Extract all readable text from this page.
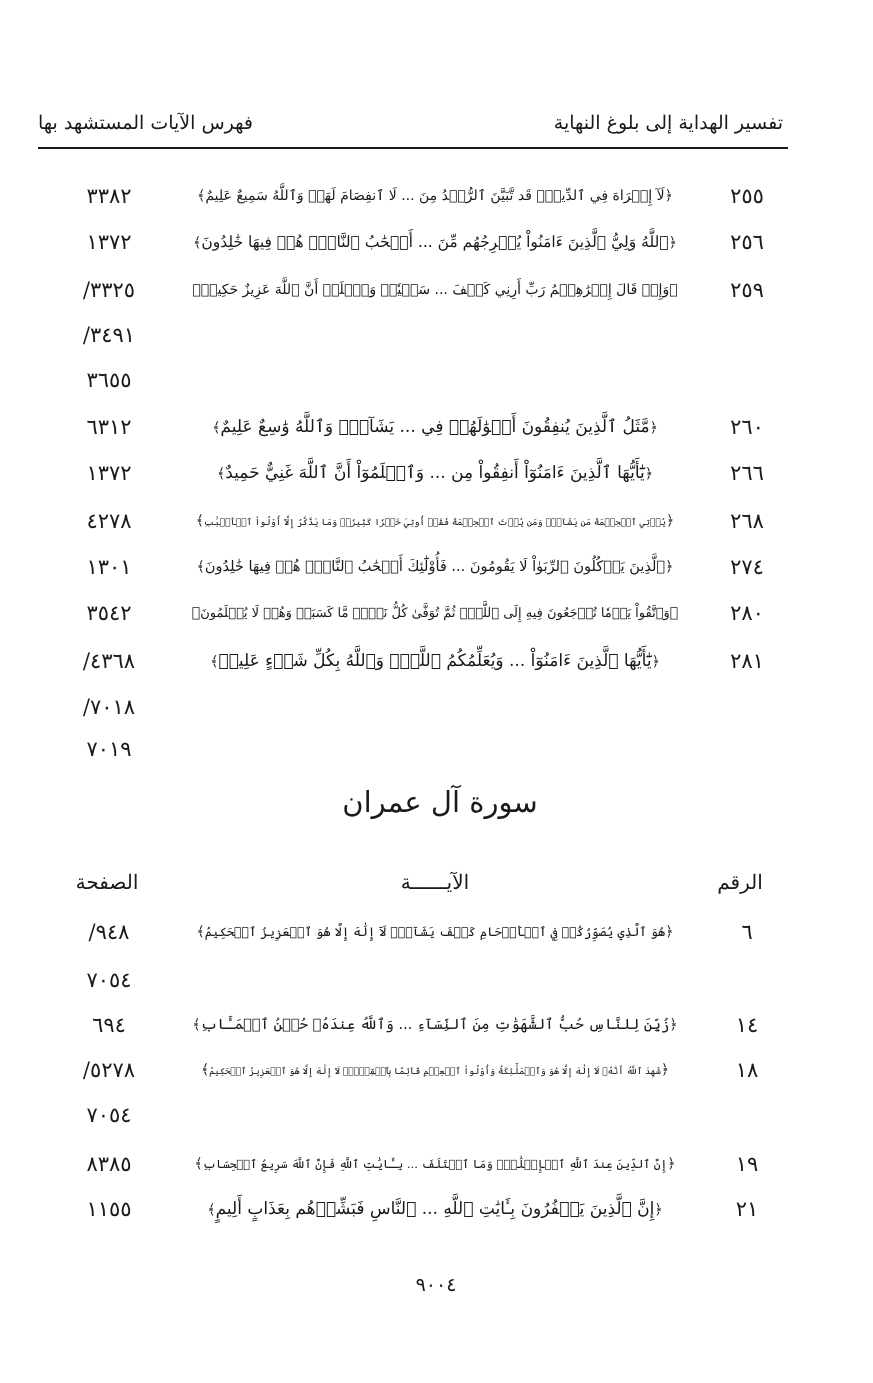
تفسير الهداية إلى بلوغ النهاية
فهرس الآيات المستشهد بها
٢٥٥
﴿لَآ إِكۡرَاهَ فِي ٱلدِّينِۖ قَد تَّبَيَّنَ ٱلرُّشۡدُ مِنَ ... لَا ٱنفِصَامَ لَهَاۗ وَٱللَّهُ سَمِيعٌ عَلِيمٌ﴾
٣٣٨٢
٢٥٦
﴿ٱللَّهُ وَلِيُّ ٱلَّذِينَ ءَامَنُواْ يُخۡرِجُهُم مِّنَ ... أَصۡحَٰبُ ٱلنَّارِۖ هُمۡ فِيهَا خَٰلِدُونَ﴾
١٣٧٢
٢٥٩
﴿وَإِذۡ قَالَ إِبۡرَٰهِـۧمُ رَبِّ أَرِنِي كَيۡفَ ... سَعۡيٗاۚ وَٱعۡلَمۡ أَنَّ ٱللَّهَ عَزِيزٌ حَكِيمٞ﴾
/٣٣٢٥
/٣٤٩١
٣٦٥٥
٢٦٠
﴿مَّثَلُ ٱلَّذِينَ يُنفِقُونَ أَمۡوَٰلَهُمۡ فِي ... يَشَآءُۚ وَٱللَّهُ وَٰسِعٌ عَلِيمٌ﴾
٦٣١٢
٢٦٦
﴿يَٰٓأَيُّهَا ٱلَّذِينَ ءَامَنُوٓاْ أَنفِقُواْ مِن ... وَٱعۡلَمُوٓاْ أَنَّ ٱللَّهَ غَنِيٌّ حَمِيدٌ﴾
١٣٧٢
٢٦٨
﴿يُؤۡتِي ٱلۡحِكۡمَةَ مَن يَشَآءُۚ وَمَن يُؤۡتَ ٱلۡحِكۡمَةَ فَقَدۡ أُوتِيَ خَيۡرٗا كَثِيرٗاۗ وَمَا يَذَّكَّرُ إِلَّآ أُوْلُواْ ٱلۡأَلۡبَٰبِ﴾
٤٢٧٨
٢٧٤
﴿ٱلَّذِينَ يَأۡكُلُونَ ٱلرِّبَوٰاْ لَا يَقُومُونَ ... فَأُوْلَٰٓئِكَ أَصۡحَٰبُ ٱلنَّارِۖ هُمۡ فِيهَا خَٰلِدُونَ﴾
١٣٠١
٢٨٠
﴿وَٱتَّقُواْ يَوۡمٗا تُرۡجَعُونَ فِيهِ إِلَى ٱللَّهِۖ ثُمَّ تُوَفَّىٰ كُلُّ نَفۡسٖ مَّا كَسَبَتۡ وَهُمۡ لَا يُظۡلَمُونَ﴾
٣٥٤٢
٢٨١
﴿يَٰٓأَيُّهَا ٱلَّذِينَ ءَامَنُوٓاْ ... وَيُعَلِّمُكُمُ ٱللَّهُۗ وَٱللَّهُ بِكُلِّ شَيۡءٍ عَلِيمٞ﴾
/٤٣٦٨
/٧٠١٨
٧٠١٩
سورة آل عمران
الرقم
الآيــــــة
الصفحة
٦
﴿هُوَ ٱلَّذِي يُصَوِّرُكُمۡ فِي ٱلۡأَرۡحَامِ كَيۡفَ يَشَآءُۚ لَآ إِلَٰهَ إِلَّا هُوَ ٱلۡعَزِيزُ ٱلۡحَكِيمُ﴾
/٩٤٨
٧٠٥٤
١٤
﴿زُيِّنَ لِلنَّاسِ حُبُّ ٱلشَّهَوَٰتِ مِنَ ٱلنِّسَآءِ ... وَٱللَّهُ عِندَهُۥ حُسۡنُ ٱلۡمَـَٔابِ﴾
٦٩٤
١٨
﴿شَهِدَ ٱللَّهُ أَنَّهُۥ لَآ إِلَٰهَ إِلَّا هُوَ وَٱلۡمَلَٰٓئِكَةُ وَأُوْلُواْ ٱلۡعِلۡمِ قَآئِمَۢا بِٱلۡقِسۡطِۚ لَآ إِلَٰهَ إِلَّا هُوَ ٱلۡعَزِيزُ ٱلۡحَكِيمُ﴾
/٥٢٧٨
٧٠٥٤
١٩
﴿إِنَّ ٱلدِّينَ عِندَ ٱللَّهِ ٱلۡإِسۡلَٰمُۗ وَمَا ٱخۡتَلَفَ ... بِـَٔايَٰتِ ٱللَّهِ فَإِنَّ ٱللَّهَ سَرِيعُ ٱلۡحِسَابِ﴾
٨٣٨٥
٢١
﴿إِنَّ ٱلَّذِينَ يَكۡفُرُونَ بِـَٔايَٰتِ ٱللَّهِ ... ٱلنَّاسِ فَبَشِّرۡهُم بِعَذَابٍ أَلِيمٍ﴾
١١٥٥
٩٠٠٤
